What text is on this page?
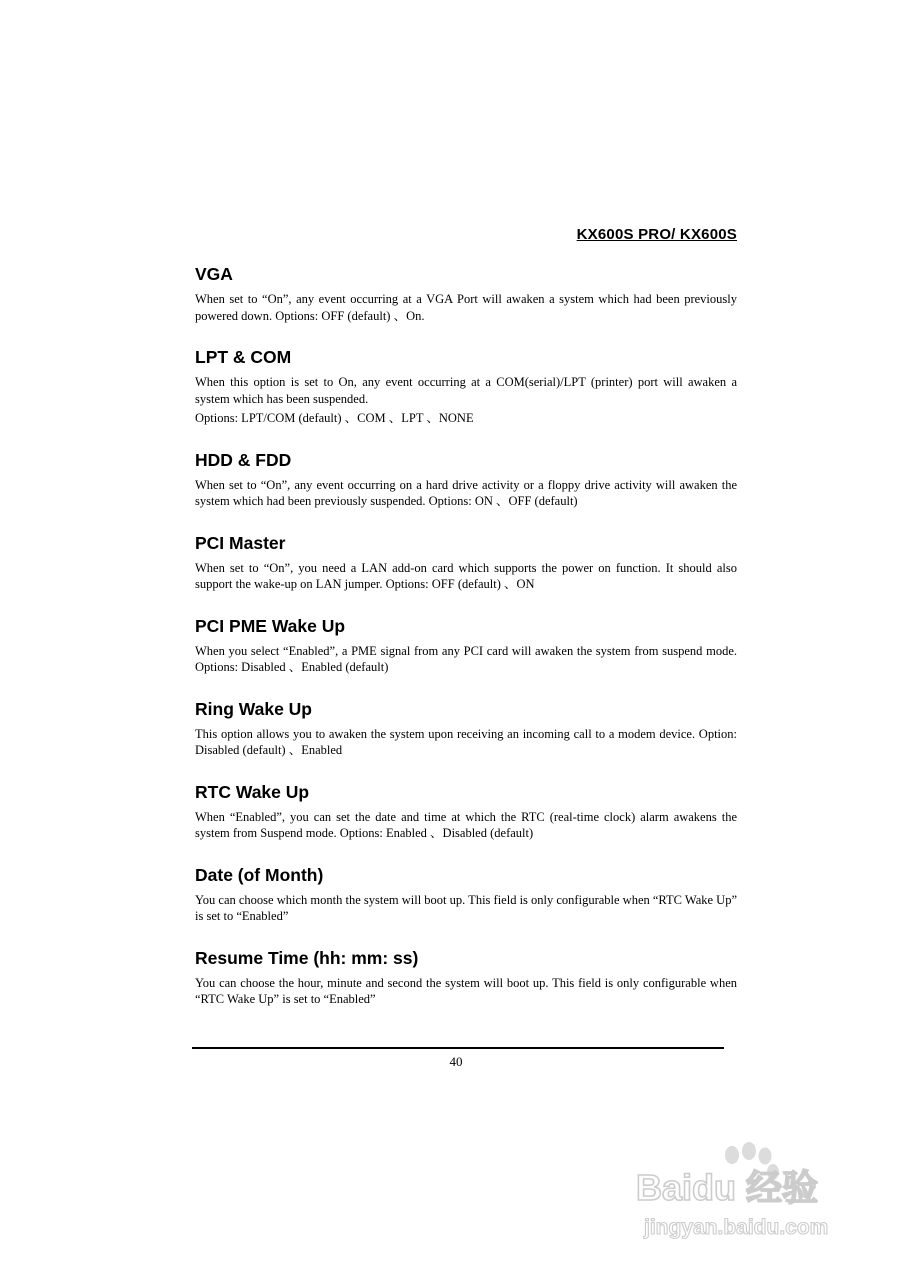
KX600S PRO/ KX600S
VGA

When set to “On”, any event occurring at a VGA Port will awaken a system which had been previously powered down. Options: OFF (default) 、On.

LPT & COM

When this option is set to On, any event occurring at a COM(serial)/LPT (printer) port will awaken a system which has been suspended.

Options: LPT/COM (default) 、COM 、LPT 、NONE

HDD & FDD

When set to “On”, any event occurring on a hard drive activity or a floppy drive activity will awaken the system which had been previously suspended. Options: ON 、OFF (default)

PCI Master

When set to “On”, you need a LAN add-on card which supports the power on function. It should also support the wake-up on LAN jumper. Options: OFF (default) 、ON

PCI PME Wake Up

When you select “Enabled”, a PME signal from any PCI card will awaken the system from suspend mode. Options: Disabled 、Enabled (default)

Ring Wake Up

This option allows you to awaken the system upon receiving an incoming call to a modem device. Option: Disabled (default) 、Enabled

RTC Wake Up

When “Enabled”, you can set the date and time at which the RTC (real-time clock) alarm awakens the system from Suspend mode. Options: Enabled 、Disabled (default)

Date (of Month)

You can choose which month the system will boot up. This field is only configurable when “RTC Wake Up” is set to “Enabled”

Resume Time (hh: mm: ss)

You can choose the hour, minute and second the system will boot up. This field is only configurable when “RTC Wake Up” is set to “Enabled”

40
Baidu 经验
jingyan.baidu.com
